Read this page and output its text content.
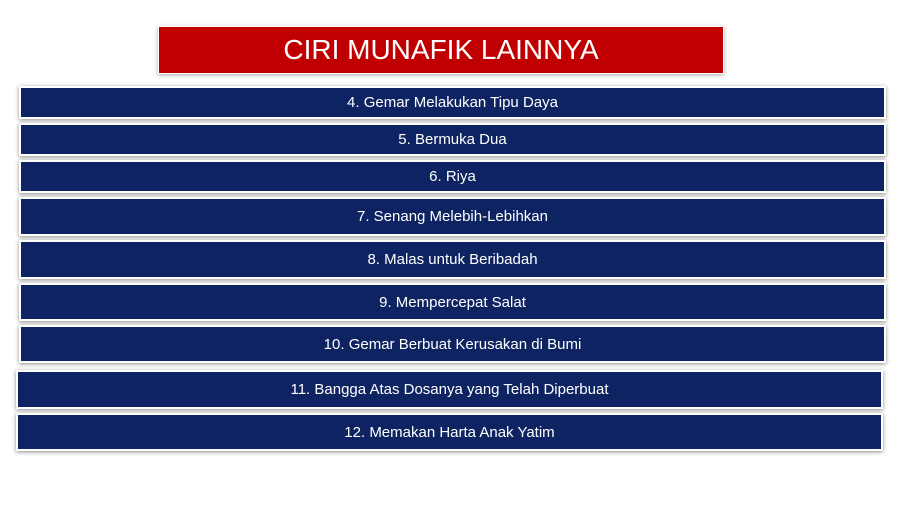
CIRI MUNAFIK LAINNYA
4. Gemar Melakukan Tipu Daya
5. Bermuka Dua
6. Riya
7. Senang Melebih-Lebihkan
8. Malas untuk Beribadah
9. Mempercepat Salat
10. Gemar Berbuat Kerusakan di Bumi
11. Bangga Atas Dosanya yang Telah Diperbuat
12. Memakan Harta Anak Yatim
